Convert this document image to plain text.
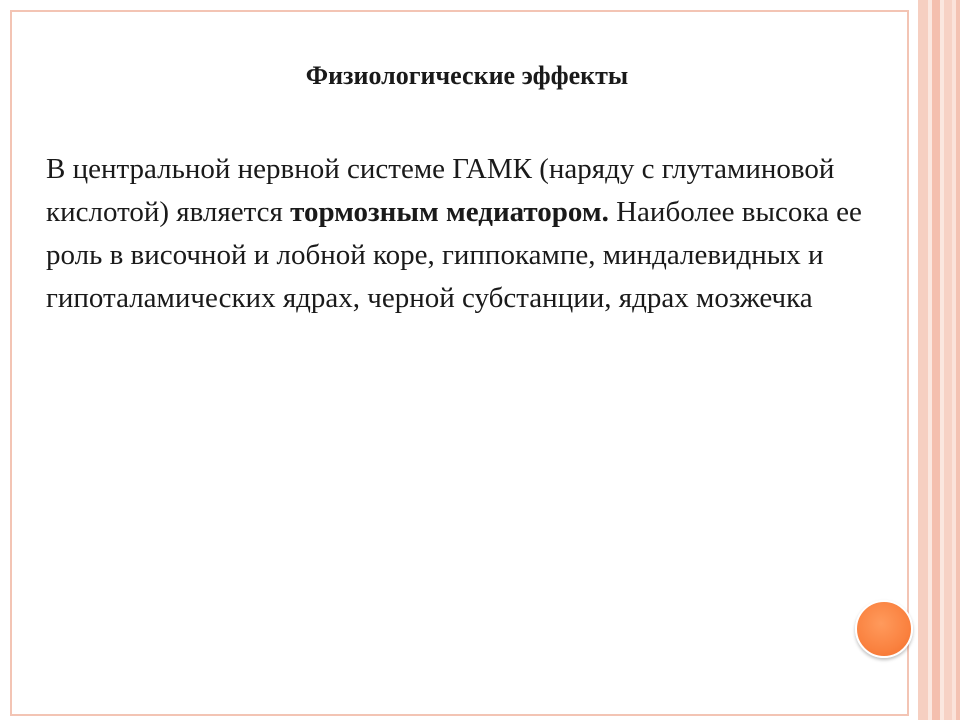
Физиологические эффекты

В центральной нервной системе ГАМК (наряду с глутаминовой кислотой) является тормозным медиатором. Наиболее высока ее роль в височной и лобной коре, гиппокампе, миндалевидных и гипоталамических ядрах, черной субстанции, ядрах мозжечка
